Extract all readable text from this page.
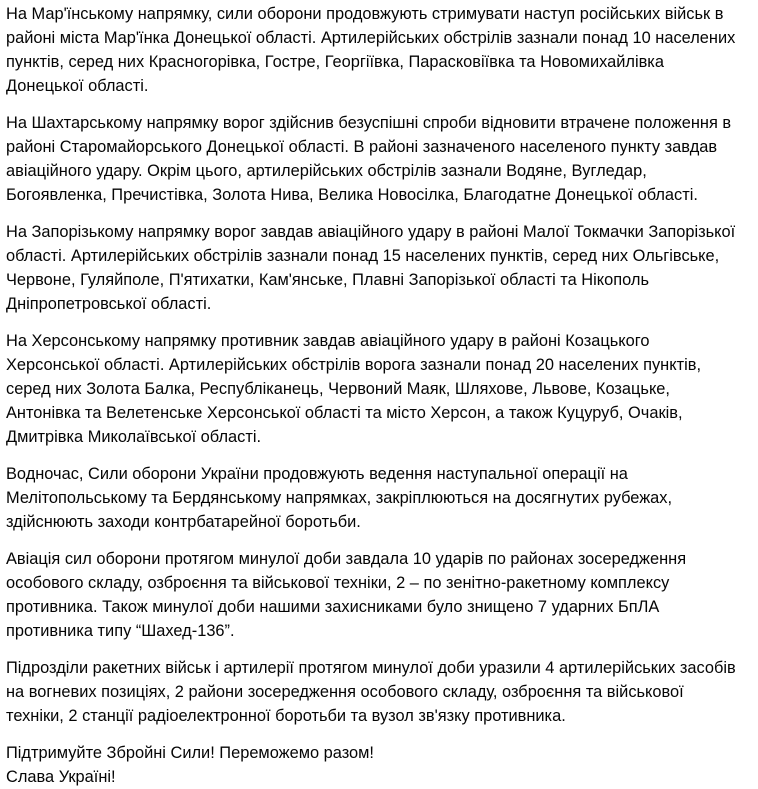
На Мар'їнському напрямку, сили оборони продовжують стримувати наступ російських військ в районі міста Мар'їнка Донецької області. Артилерійських обстрілів зазнали понад 10 населених пунктів, серед них Красногорівка, Гостре, Георгіївка, Парасковіївка та Новомихайлівка Донецької області.

На Шахтарському напрямку ворог здійснив безуспішні спроби відновити втрачене положення в районі Старомайорського Донецької області. В районі зазначеного населеного пункту завдав авіаційного удару. Окрім цього, артилерійських обстрілів зазнали Водяне, Вугледар, Богоявленка, Пречистівка, Золота Нива, Велика Новосілка, Благодатне Донецької області.

На Запорізькому напрямку ворог завдав авіаційного удару в районі Малої Токмачки Запорізької області. Артилерійських обстрілів зазнали понад 15 населених пунктів, серед них Ольгівське, Червоне, Гуляйполе, П'ятихатки, Кам'янське, Плавні Запорізької області та Нікополь Дніпропетровської області.

На Херсонському напрямку противник завдав авіаційного удару в районі Козацького Херсонської області. Артилерійських обстрілів ворога зазнали понад 20 населених пунктів, серед них Золота Балка, Республіканець, Червоний Маяк, Шляхове, Львове, Козацьке, Антонівка та Велетенське Херсонської області та місто Херсон, а також Куцуруб, Очаків, Дмитрівка Миколаївської області.

Водночас, Сили оборони України продовжують ведення наступальної операції на Мелітопольському та Бердянському напрямках, закріплюються на досягнутих рубежах, здійснюють заходи контрбатарейної боротьби.

Авіація сил оборони протягом минулої доби завдала 10 ударів по районах зосередження особового складу, озброєння та військової техніки, 2 – по зенітно-ракетному комплексу противника. Також минулої доби нашими захисниками було знищено 7 ударних БпЛА противника типу “Шахед-136”.

Підрозділи ракетних військ і артилерії протягом минулої доби уразили 4 артилерійських засобів на вогневих позиціях, 2 райони зосередження особового складу, озброєння та військової техніки, 2 станції радіоелектронної боротьби та вузол зв'язку противника.

Підтримуйте Збройні Сили! Переможемо разом!
Слава Україні!
